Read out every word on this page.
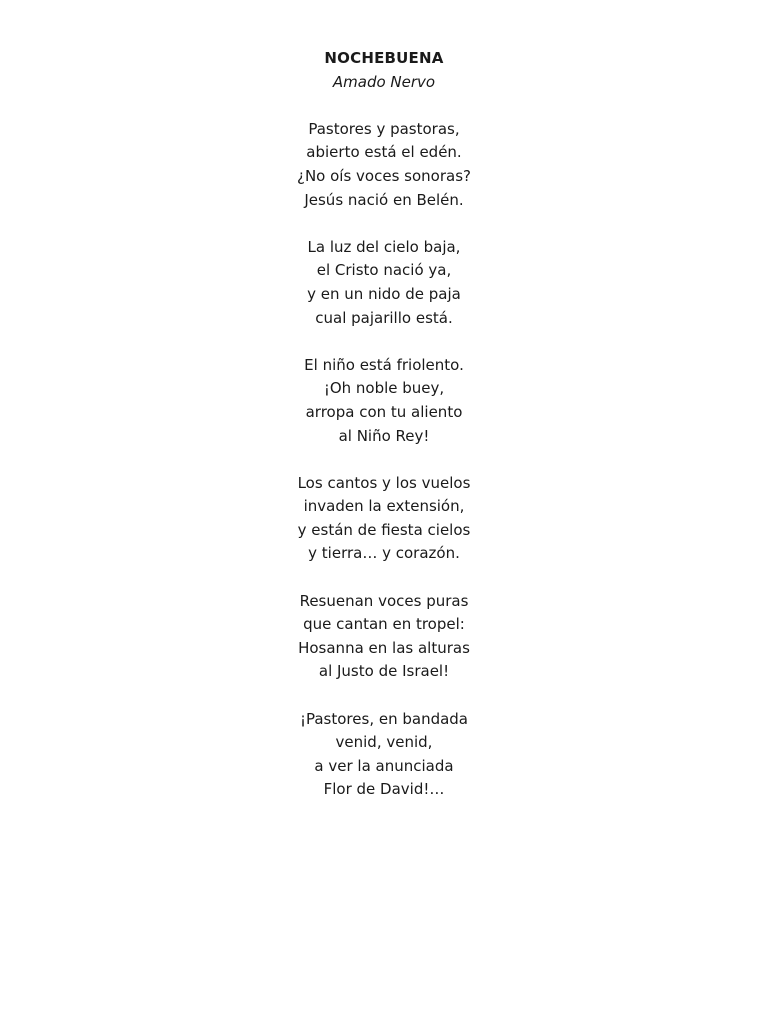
NOCHEBUENA
Amado Nervo
Pastores y pastoras,
abierto está el edén.
¿No oís voces sonoras?
Jesús nació en Belén.
La luz del cielo baja,
el Cristo nació ya,
y en un nido de paja
cual pajarillo está.
El niño está friolento.
¡Oh noble buey,
arropa con tu aliento
al Niño Rey!
Los cantos y los vuelos
invaden la extensión,
y están de fiesta cielos
y tierra… y corazón.
Resuenan voces puras
que cantan en tropel:
Hosanna en las alturas
al Justo de Israel!
¡Pastores, en bandada
venid, venid,
a ver la anunciada
Flor de David!…
